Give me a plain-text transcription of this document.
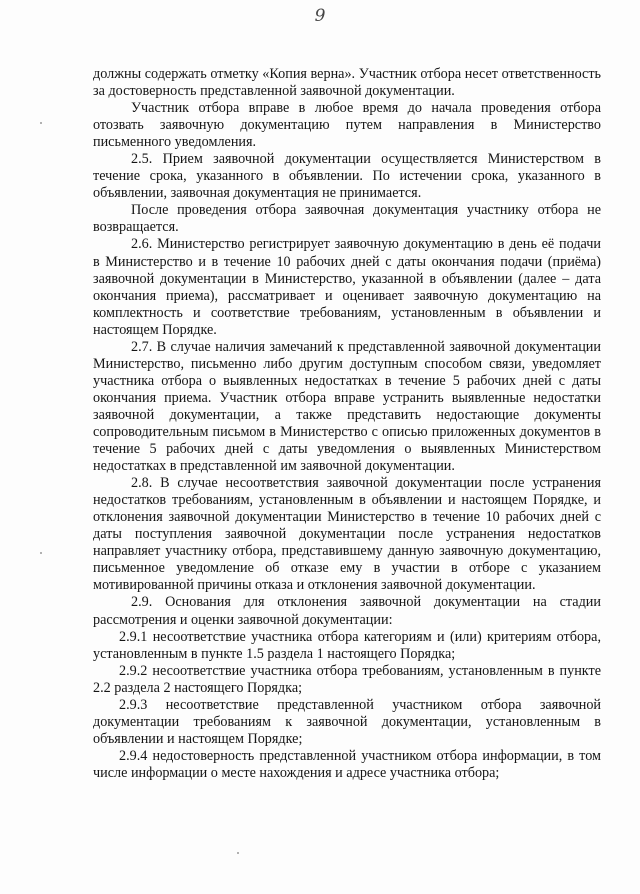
9

должны содержать отметку «Копия верна». Участник отбора несет ответственность за достоверность представленной заявочной документации.

Участник отбора вправе в любое время до начала проведения отбора отозвать заявочную документацию путем направления в Министерство письменного уведомления.

2.5. Прием заявочной документации осуществляется Министерством в течение срока, указанного в объявлении. По истечении срока, указанного в объявлении, заявочная документация не принимается.

После проведения отбора заявочная документация участнику отбора не возвращается.

2.6. Министерство регистрирует заявочную документацию в день её подачи в Министерство и в течение 10 рабочих дней с даты окончания подачи (приёма) заявочной документации в Министерство, указанной в объявлении (далее – дата окончания приема), рассматривает и оценивает заявочную документацию на комплектность и соответствие требованиям, установленным в объявлении и настоящем Порядке.

2.7. В случае наличия замечаний к представленной заявочной документации Министерство, письменно либо другим доступным способом связи, уведомляет участника отбора о выявленных недостатках в течение 5 рабочих дней с даты окончания приема. Участник отбора вправе устранить выявленные недостатки заявочной документации, а также представить недостающие документы сопроводительным письмом в Министерство с описью приложенных документов в течение 5 рабочих дней с даты уведомления о выявленных Министерством недостатках в представленной им заявочной документации.

2.8. В случае несоответствия заявочной документации после устранения недостатков требованиям, установленным в объявлении и настоящем Порядке, и отклонения заявочной документации Министерство в течение 10 рабочих дней с даты поступления заявочной документации после устранения недостатков направляет участнику отбора, представившему данную заявочную документацию, письменное уведомление об отказе ему в участии в отборе с указанием мотивированной причины отказа и отклонения заявочной документации.

2.9. Основания для отклонения заявочной документации на стадии рассмотрения и оценки заявочной документации:

2.9.1 несоответствие участника отбора категориям и (или) критериям отбора, установленным в пункте 1.5 раздела 1 настоящего Порядка;

2.9.2 несоответствие участника отбора требованиям, установленным в пункте 2.2 раздела 2 настоящего Порядка;

2.9.3 несоответствие представленной участником отбора заявочной документации требованиям к заявочной документации, установленным в объявлении и настоящем Порядке;

2.9.4 недостоверность представленной участником отбора информации, в том числе информации о месте нахождения и адресе участника отбора;
